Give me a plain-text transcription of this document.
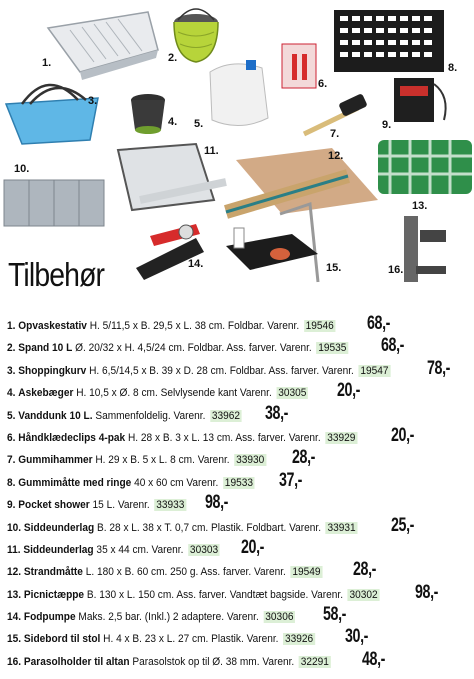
1.	2.
3.
4. 5.
6.
7.
8.
9.
10.
11.	12.
13.
14.	15.	16.
Tilbehør
1. Opvaskestativ H. 5/11,5 x B. 29,5 x L. 38 cm. Foldbar. Varenr. 19546 68,-
2. Spand 10 L Ø. 20/32 x H. 4,5/24 cm. Foldbar. Ass. farver. Varenr. 19535 68,-
3. Shoppingkurv H. 6,5/14,5 x B. 39 x D. 28 cm. Foldbar. Ass. farver. Varenr. 19547 78,-
4. Askebæger H. 10,5 x Ø. 8 cm. Selvlysende kant Varenr. 30305 20,-
5. Vanddunk 10 L. Sammenfoldelig. Varenr. 33962 38,-
6. Håndklædeclips 4-pak H. 28 x B. 3 x L. 13 cm. Ass. farver. Varenr. 33929 20,-
7. Gummihammer H. 29 x B. 5 x L. 8 cm. Varenr. 33930 28,-
8. Gummimåtte med ringe 40 x 60 cm Varenr. 19533 37,-
9. Pocket shower 15 L. Varenr. 33933 98,-
10. Siddeunderlag B. 28 x L. 38 x T. 0,7 cm. Plastik. Foldbart. Varenr. 33931 25,-
11. Siddeunderlag 35 x 44 cm. Varenr. 30303 20,-
12. Strandmåtte L. 180 x B. 60 cm. 250 g. Ass. farver. Varenr. 19549 28,-
13. Picnictæppe B. 130 x L. 150 cm. Ass. farver. Vandtæt bagside. Varenr. 30302 98,-
14. Fodpumpe Maks. 2,5 bar. (Inkl.) 2 adaptere. Varenr. 30306 58,-
15. Sidebord til stol H. 4 x B. 23 x L. 27 cm. Plastik. Varenr. 33926 30,-
16. Parasolholder til altan Parasolstok op til Ø. 38 mm. Varenr. 32291 48,-
